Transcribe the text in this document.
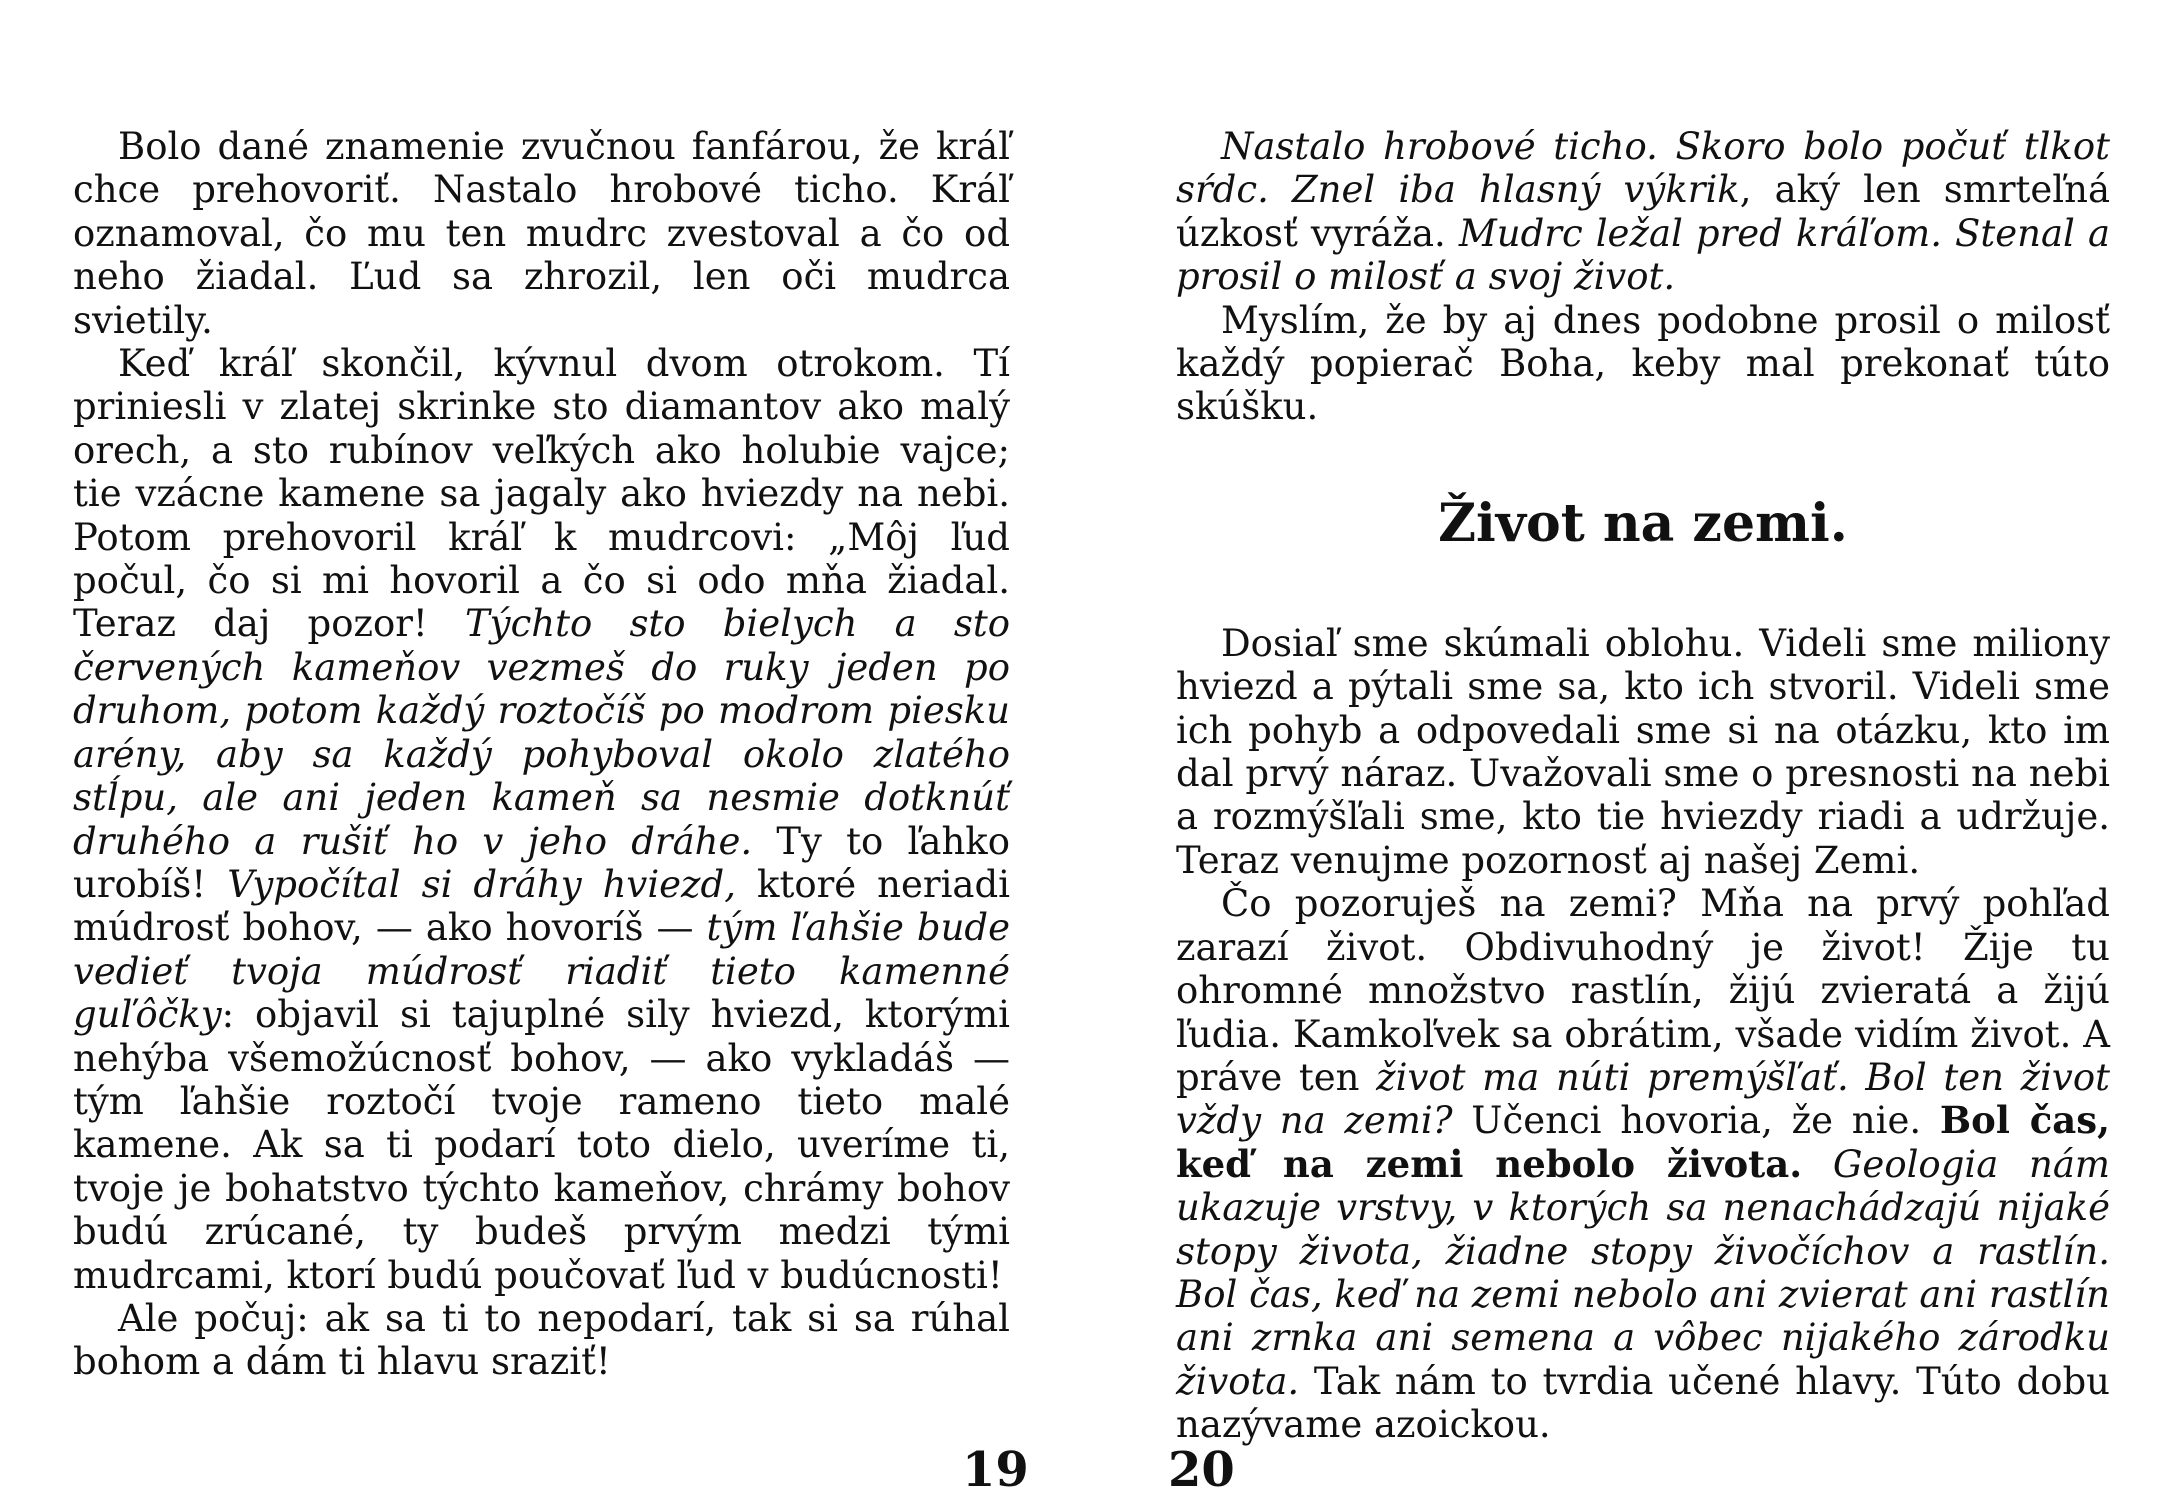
Bolo dané znamenie zvučnou fanfárou, že kráľ chce prehovoriť. Nastalo hrobové ticho. Kráľ oznamoval, čo mu ten mudrc zvestoval a čo od neho žiadal. Ľud sa zhrozil, len oči mudrca svietily.

Keď kráľ skončil, kývnul dvom otrokom. Tí priniesli v zlatej skrinke sto diamantov ako malý orech, a sto rubínov veľkých ako holubie vajce; tie vzácne kamene sa jagaly ako hviezdy na nebi. Potom prehovoril kráľ k mudrcovi: „Môj ľud počul, čo si mi hovoril a čo si odo mňa žiadal. Teraz daj pozor! Týchto sto bielych a sto červených kameňov vezmeš do ruky jeden po druhom, potom každý roztočíš po modrom piesku arény, aby sa každý pohyboval okolo zlatého stĺpu, ale ani jeden kameň sa nesmie dotknúť druhého a rušiť ho v jeho dráhe. Ty to ľahko urobíš! Vypočítal si dráhy hviezd, ktoré neriadi múdrosť bohov, — ako hovoríš — tým ľahšie bude vedieť tvoja múdrosť riadiť tieto kamenné guľôčky: objavil si tajuplné sily hviezd, ktorými nehýba všemožúcnosť bohov, — ako vykladáš — tým ľahšie roztočí tvoje rameno tieto malé kamene. Ak sa ti podarí toto dielo, uveríme ti, tvoje je bohatstvo týchto kameňov, chrámy bohov budú zrúcané, ty budeš prvým medzi tými mudrcami, ktorí budú poučovať ľud v budúcnosti!

Ale počuj: ak sa ti to nepodarí, tak si sa rúhal bohom a dám ti hlavu sraziť!

19

Nastalo hrobové ticho. Skoro bolo počuť tlkot sŕdc. Znel iba hlasný výkrik, aký len smrteľná úzkosť vyráža. Mudrc ležal pred kráľom. Stenal a prosil o milosť a svoj život.

Myslím, že by aj dnes podobne prosil o milosť každý popierač Boha, keby mal prekonať túto skúšku.

Život na zemi.

Dosiaľ sme skúmali oblohu. Videli sme miliony hviezd a pýtali sme sa, kto ich stvoril. Videli sme ich pohyb a odpovedali sme si na otázku, kto im dal prvý náraz. Uvažovali sme o presnosti na nebi a rozmýšľali sme, kto tie hviezdy riadi a udržuje. Teraz venujme pozornosť aj našej Zemi.

Čo pozoruješ na zemi? Mňa na prvý pohľad zarazí život. Obdivuhodný je život! Žije tu ohromné množstvo rastlín, žijú zvieratá a žijú ľudia. Kamkoľvek sa obrátim, všade vidím život. A práve ten život ma núti premýšľať. Bol ten život vždy na zemi? Učenci hovoria, že nie. Bol čas, keď na zemi nebolo života. Geologia nám ukazuje vrstvy, v ktorých sa nenachádzajú nijaké stopy života, žiadne stopy živočíchov a rastlín. Bol čas, keď na zemi nebolo ani zvierat ani rastlín ani zrnka ani semena a vôbec nijakého zárodku života. Tak nám to tvrdia učené hlavy. Túto dobu nazývame azoickou.

20
